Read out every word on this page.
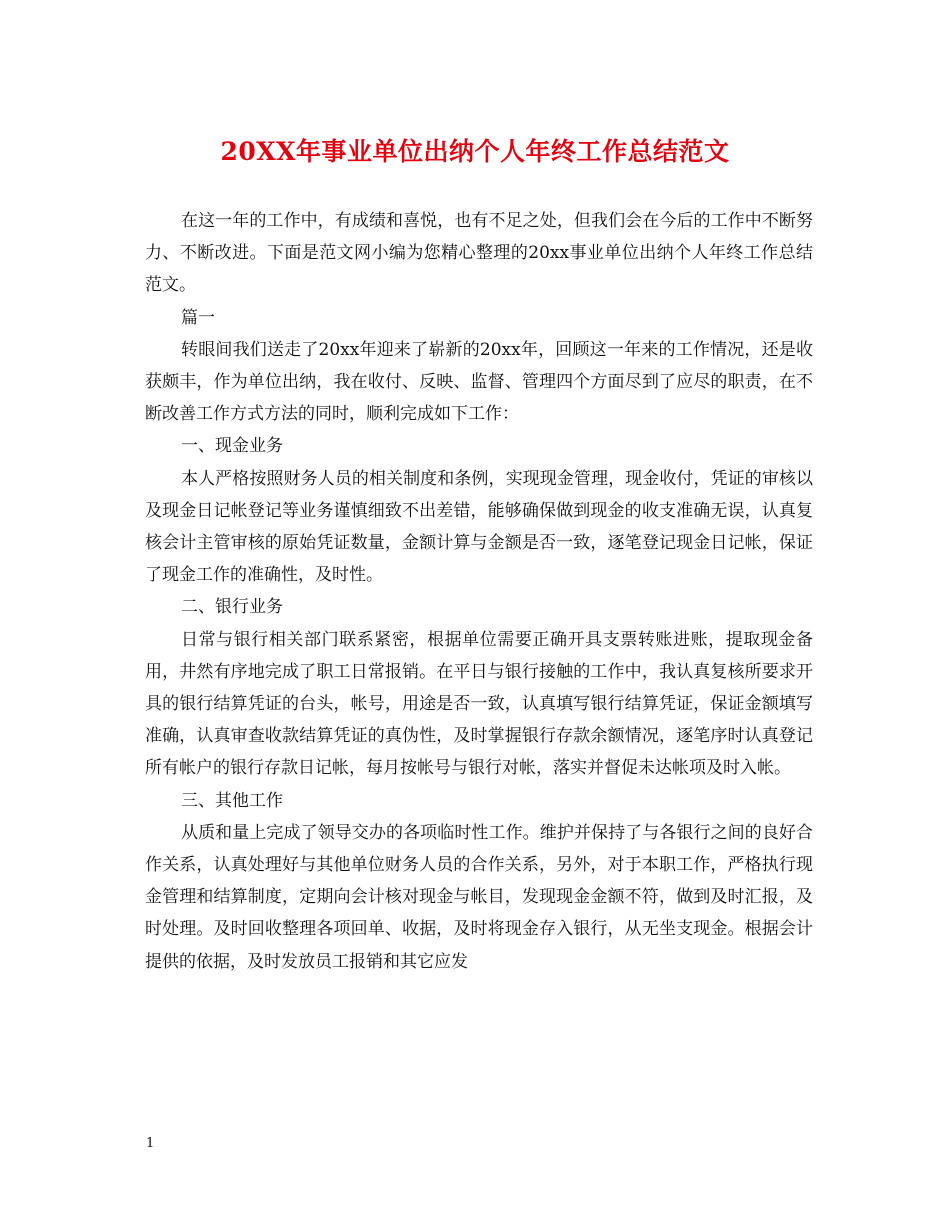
20XX年事业单位出纳个人年终工作总结范文

在这一年的工作中，有成绩和喜悦，也有不足之处，但我们会在今后的工作中不断努力、不断改进。下面是范文网小编为您精心整理的20xx事业单位出纳个人年终工作总结范文。

篇一

转眼间我们送走了20xx年迎来了崭新的20xx年，回顾这一年来的工作情况，还是收获颇丰，作为单位出纳，我在收付、反映、监督、管理四个方面尽到了应尽的职责，在不断改善工作方式方法的同时，顺利完成如下工作：

一、现金业务

本人严格按照财务人员的相关制度和条例，实现现金管理，现金收付，凭证的审核以及现金日记帐登记等业务谨慎细致不出差错，能够确保做到现金的收支准确无误，认真复核会计主管审核的原始凭证数量，金额计算与金额是否一致，逐笔登记现金日记帐，保证了现金工作的准确性，及时性。

二、银行业务

日常与银行相关部门联系紧密，根据单位需要正确开具支票转账进账，提取现金备用，井然有序地完成了职工日常报销。在平日与银行接触的工作中，我认真复核所要求开具的银行结算凭证的台头，帐号，用途是否一致，认真填写银行结算凭证，保证金额填写准确，认真审查收款结算凭证的真伪性，及时掌握银行存款余额情况，逐笔序时认真登记所有帐户的银行存款日记帐，每月按帐号与银行对帐，落实并督促未达帐项及时入帐。

三、其他工作

从质和量上完成了领导交办的各项临时性工作。维护并保持了与各银行之间的良好合作关系，认真处理好与其他单位财务人员的合作关系，另外，对于本职工作，严格执行现金管理和结算制度，定期向会计核对现金与帐目，发现现金金额不符，做到及时汇报，及时处理。及时回收整理各项回单、收据，及时将现金存入银行，从无坐支现金。根据会计提供的依据，及时发放员工报销和其它应发

1
